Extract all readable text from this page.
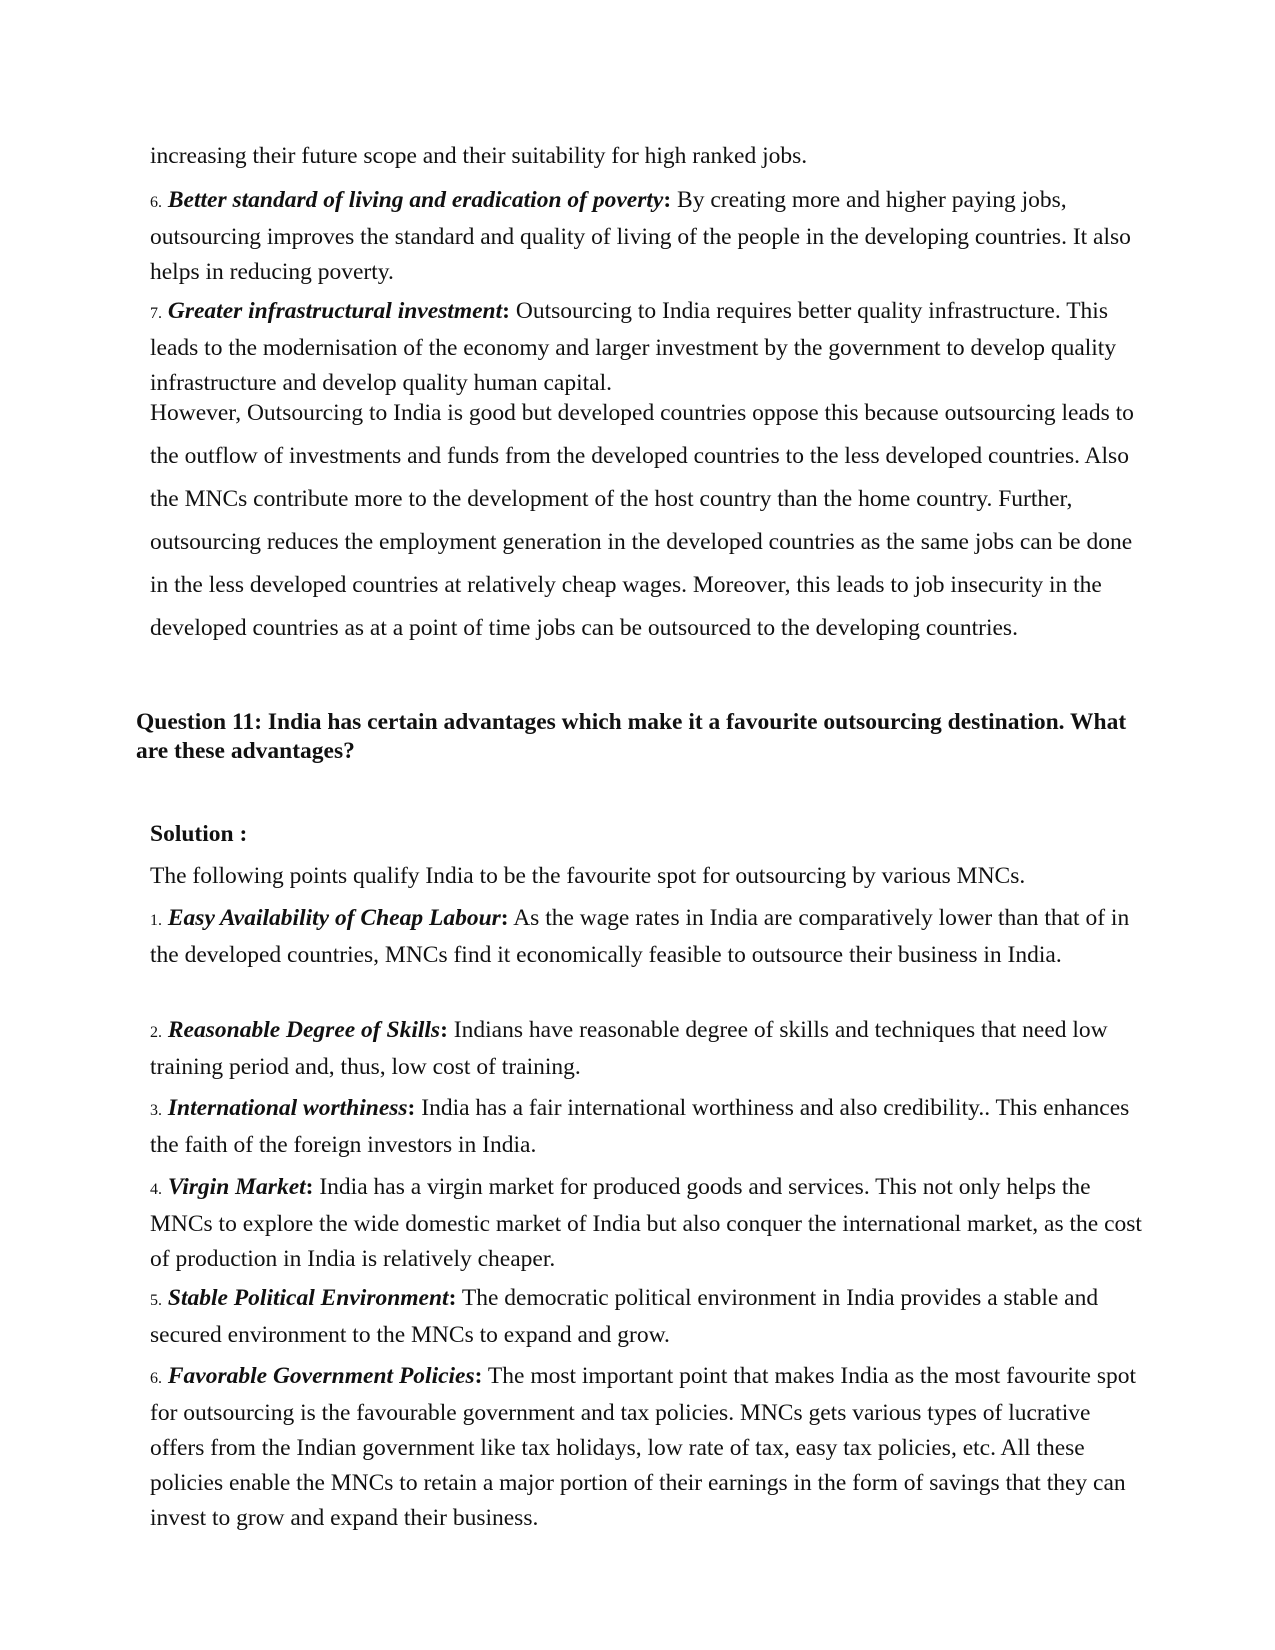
increasing their future scope and their suitability for high ranked jobs.

6. Better standard of living and eradication of poverty: By creating more and higher paying jobs, outsourcing improves the standard and quality of living of the people in the developing countries. It also helps in reducing poverty.

7. Greater infrastructural investment: Outsourcing to India requires better quality infrastructure. This leads to the modernisation of the economy and larger investment by the government to develop quality infrastructure and develop quality human capital.

However, Outsourcing to India is good but developed countries oppose this because outsourcing leads to the outflow of investments and funds from the developed countries to the less developed countries. Also the MNCs contribute more to the development of the host country than the home country. Further, outsourcing reduces the employment generation in the developed countries as the same jobs can be done in the less developed countries at relatively cheap wages. Moreover, this leads to job insecurity in the developed countries as at a point of time jobs can be outsourced to the developing countries.

Question 11: India has certain advantages which make it a favourite outsourcing destination. What are these advantages?

Solution :

The following points qualify India to be the favourite spot for outsourcing by various MNCs.

1. Easy Availability of Cheap Labour: As the wage rates in India are comparatively lower than that of in the developed countries, MNCs find it economically feasible to outsource their business in India.

2. Reasonable Degree of Skills: Indians have reasonable degree of skills and techniques that need low training period and, thus, low cost of training.

3. International worthiness: India has a fair international worthiness and also credibility.. This enhances the faith of the foreign investors in India.

4. Virgin Market: India has a virgin market for produced goods and services. This not only helps the MNCs to explore the wide domestic market of India but also conquer the international market, as the cost of production in India is relatively cheaper.

5. Stable Political Environment: The democratic political environment in India provides a stable and secured environment to the MNCs to expand and grow.

6. Favorable Government Policies: The most important point that makes India as the most favourite spot for outsourcing is the favourable government and tax policies. MNCs gets various types of lucrative offers from the Indian government like tax holidays, low rate of tax, easy tax policies, etc. All these policies enable the MNCs to retain a major portion of their earnings in the form of savings that they can invest to grow and expand their business.
